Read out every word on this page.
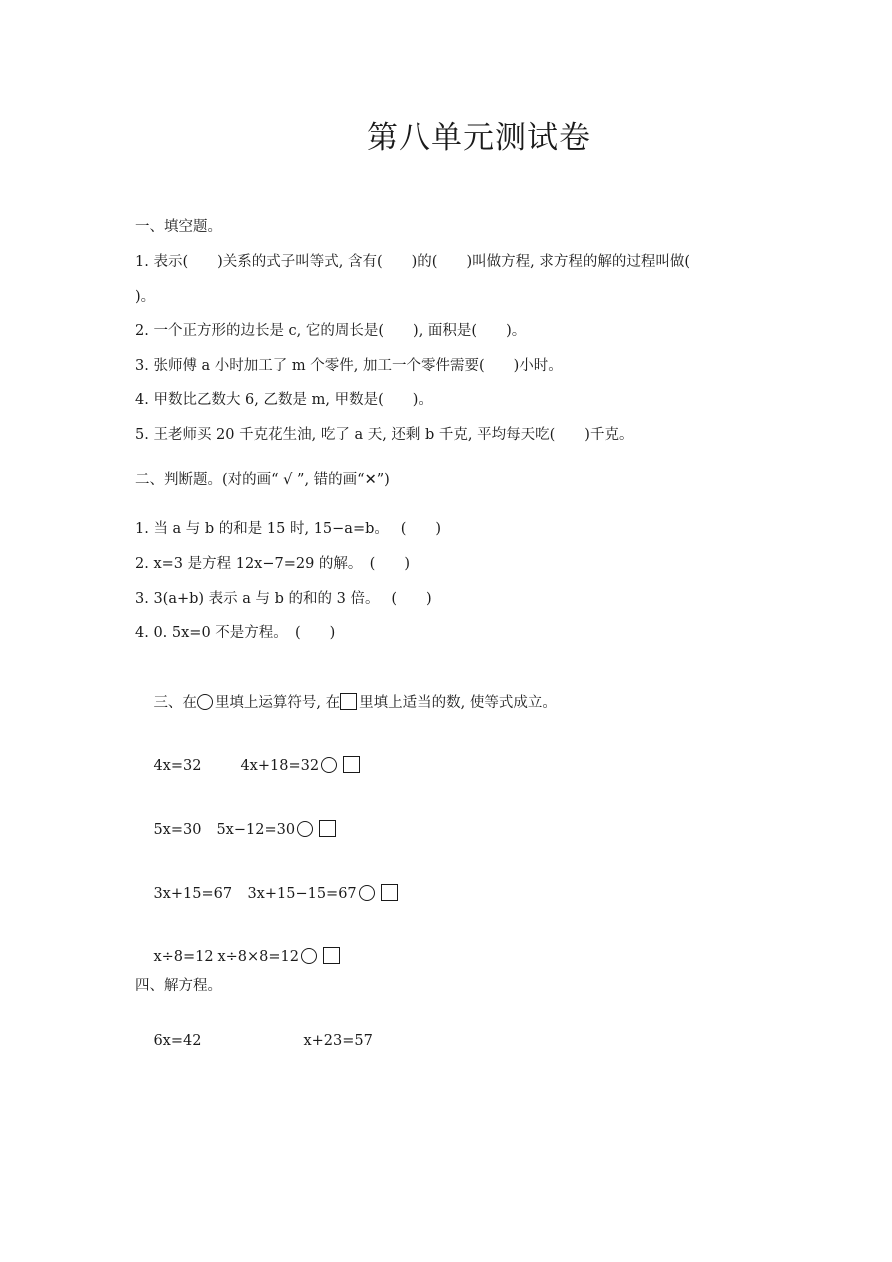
第八单元测试卷
一、填空题。
1. 表示(　　)关系的式子叫等式, 含有(　　)的(　　)叫做方程, 求方程的解的过程叫做(
)。
2. 一个正方形的边长是 c, 它的周长是(　　), 面积是(　　)。
3. 张师傅 a 小时加工了 m 个零件, 加工一个零件需要(　　)小时。
4. 甲数比乙数大 6, 乙数是 m, 甲数是(　　)。
5. 王老师买 20 千克花生油, 吃了 a 天, 还剩 b 千克, 平均每天吃(　　)千克。
二、判断题。(对的画“ √ ”, 错的画“✕”)
1. 当 a 与 b 的和是 15 时, 15−a=b。　 (　　)
2. x=3 是方程 12x−7=29 的解。　(　　)
3. 3(a+b) 表示 a 与 b 的和的 3 倍。　 (　　)
4. 0. 5x=0 不是方程。　(　　)

三、在 里填上运算符号, 在 里填上适当的数, 使等式成立。

4x=32	4x+18=32

5x=30 5x−12=30

3x+15=67 3x+15−15=67

x÷8=12 x÷8×8=12

四、解方程。

6x=42	x+23=57
